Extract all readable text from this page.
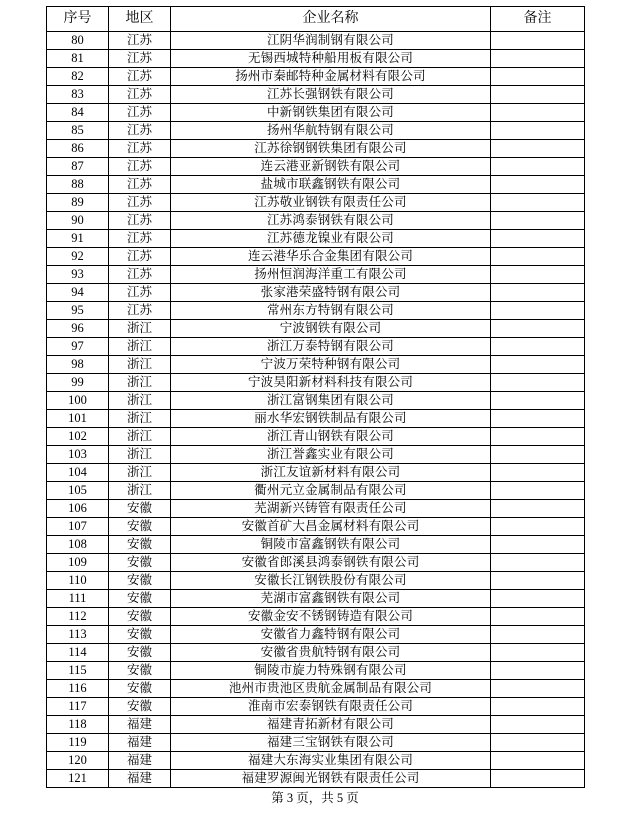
序号	地区	企业名称	备注
80	江苏	江阴华润制钢有限公司	
81	江苏	无锡西城特种船用板有限公司	
82	江苏	扬州市秦邮特种金属材料有限公司	
83	江苏	江苏长强钢铁有限公司	
84	江苏	中新钢铁集团有限公司	
85	江苏	扬州华航特钢有限公司	
86	江苏	江苏徐钢钢铁集团有限公司	
87	江苏	连云港亚新钢铁有限公司	
88	江苏	盐城市联鑫钢铁有限公司	
89	江苏	江苏敬业钢铁有限责任公司	
90	江苏	江苏鸿泰钢铁有限公司	
91	江苏	江苏德龙镍业有限公司	
92	江苏	连云港华乐合金集团有限公司	
93	江苏	扬州恒润海洋重工有限公司	
94	江苏	张家港荣盛特钢有限公司	
95	江苏	常州东方特钢有限公司	
96	浙江	宁波钢铁有限公司	
97	浙江	浙江万泰特钢有限公司	
98	浙江	宁波万荣特种钢有限公司	
99	浙江	宁波昊阳新材料科技有限公司	
100	浙江	浙江富钢集团有限公司	
101	浙江	丽水华宏钢铁制品有限公司	
102	浙江	浙江青山钢铁有限公司	
103	浙江	浙江誉鑫实业有限公司	
104	浙江	浙江友谊新材料有限公司	
105	浙江	衢州元立金属制品有限公司	
106	安徽	芜湖新兴铸管有限责任公司	
107	安徽	安徽首矿大昌金属材料有限公司	
108	安徽	铜陵市富鑫钢铁有限公司	
109	安徽	安徽省郎溪县鸿泰钢铁有限公司	
110	安徽	安徽长江钢铁股份有限公司	
111	安徽	芜湖市富鑫钢铁有限公司	
112	安徽	安徽金安不锈钢铸造有限公司	
113	安徽	安徽省力鑫特钢有限公司	
114	安徽	安徽省贵航特钢有限公司	
115	安徽	铜陵市旋力特殊钢有限公司	
116	安徽	池州市贵池区贵航金属制品有限公司	
117	安徽	淮南市宏泰钢铁有限责任公司	
118	福建	福建青拓新材有限公司	
119	福建	福建三宝钢铁有限公司	
120	福建	福建大东海实业集团有限公司	
121	福建	福建罗源闽光钢铁有限责任公司	
第 3 页，共 5 页
